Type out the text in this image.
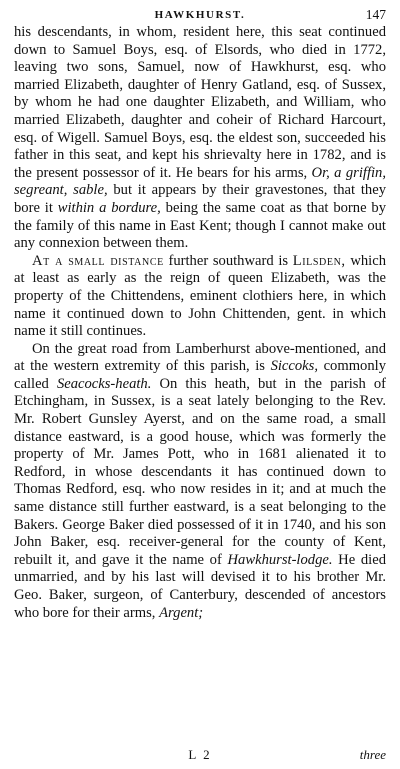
HAWKHURST.	147

his descendants, in whom, resident here, this seat continued down to Samuel Boys, esq. of Elsords, who died in 1772, leaving two sons, Samuel, now of Hawkhurst, esq. who married Elizabeth, daughter of Henry Gatland, esq. of Sussex, by whom he had one daughter Elizabeth, and William, who married Elizabeth, daughter and coheir of Richard Harcourt, esq. of Wigell. Samuel Boys, esq. the eldest son, succeeded his father in this seat, and kept his shrievalty here in 1782, and is the present possessor of it. He bears for his arms, Or, a griffin, segreant, sable, but it appears by their gravestones, that they bore it within a bordure, being the same coat as that borne by the family of this name in East Kent; though I cannot make out any connexion between them.

At a small distance further southward is Lilsden, which at least as early as the reign of queen Elizabeth, was the property of the Chittendens, eminent clothiers here, in which name it continued down to John Chittenden, gent. in which name it still continues.

On the great road from Lamberhurst above-mentioned, and at the western extremity of this parish, is Siccoks, commonly called Seacocks-heath. On this heath, but in the parish of Etchingham, in Sussex, is a seat lately belonging to the Rev. Mr. Robert Gunsley Ayerst, and on the same road, a small distance eastward, is a good house, which was formerly the property of Mr. James Pott, who in 1681 alienated it to Redford, in whose descendants it has continued down to Thomas Redford, esq. who now resides in it; and at much the same distance still further eastward, is a seat belonging to the Bakers. George Baker died possessed of it in 1740, and his son John Baker, esq. receiver-general for the county of Kent, rebuilt it, and gave it the name of Hawkhurst-lodge. He died unmarried, and by his last will devised it to his brother Mr. Geo. Baker, surgeon, of Canterbury, descended of ancestors who bore for their arms, Argent;

L 2	three
